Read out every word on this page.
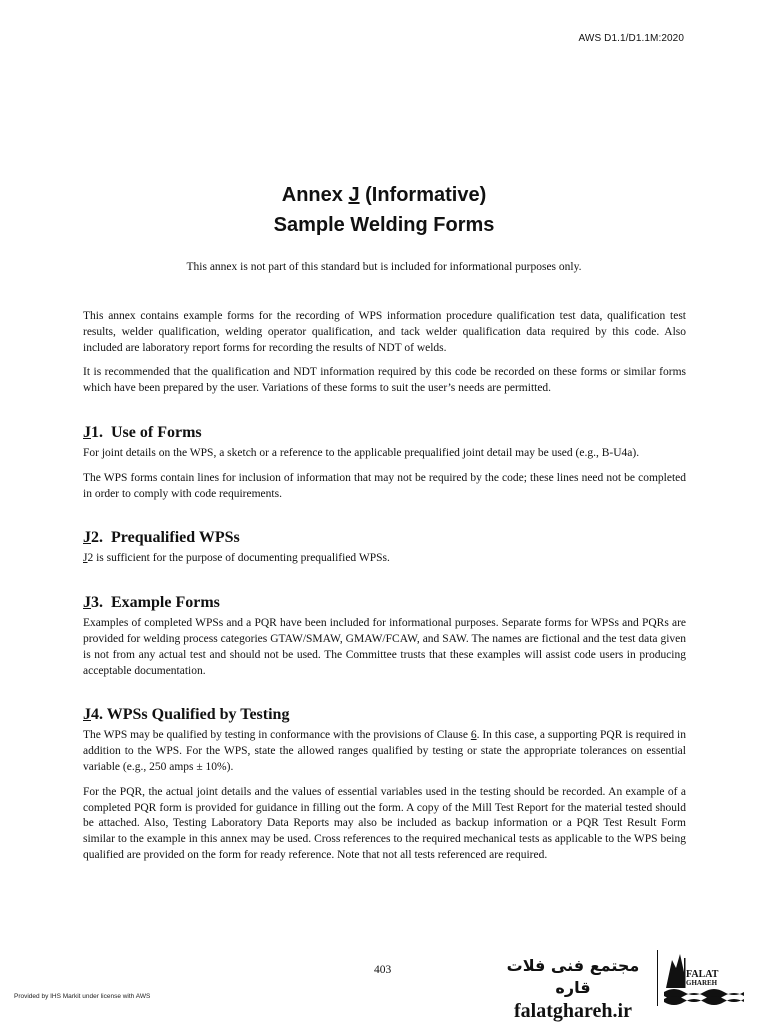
AWS D1.1/D1.1M:2020
Annex J (Informative)
Sample Welding Forms
This annex is not part of this standard but is included for informational purposes only.

This annex contains example forms for the recording of WPS information procedure qualification test data, qualification test results, welder qualification, welding operator qualification, and tack welder qualification data required by this code. Also included are laboratory report forms for recording the results of NDT of welds.

It is recommended that the qualification and NDT information required by this code be recorded on these forms or similar forms which have been prepared by the user. Variations of these forms to suit the user’s needs are permitted.

J1. Use of Forms

For joint details on the WPS, a sketch or a reference to the applicable prequalified joint detail may be used (e.g., B-U4a).

The WPS forms contain lines for inclusion of information that may not be required by the code; these lines need not be completed in order to comply with code requirements.

J2. Prequalified WPSs

J2 is sufficient for the purpose of documenting prequalified WPSs.

J3. Example Forms

Examples of completed WPSs and a PQR have been included for informational purposes. Separate forms for WPSs and PQRs are provided for welding process categories GTAW/SMAW, GMAW/FCAW, and SAW. The names are fictional and the test data given is not from any actual test and should not be used. The Committee trusts that these examples will assist code users in producing acceptable documentation.

J4. WPSs Qualified by Testing

The WPS may be qualified by testing in conformance with the provisions of Clause 6. In this case, a supporting PQR is required in addition to the WPS. For the WPS, state the allowed ranges qualified by testing or state the appropriate tolerances on essential variable (e.g., 250 amps ± 10%).

For the PQR, the actual joint details and the values of essential variables used in the testing should be recorded. An example of a completed PQR form is provided for guidance in filling out the form. A copy of the Mill Test Report for the material tested should be attached. Also, Testing Laboratory Data Reports may also be included as backup information or a PQR Test Result Form similar to the example in this annex may be used. Cross references to the required mechanical tests as applicable to the WPS being qualified are provided on the form for ready reference. Note that not all tests referenced are required.

403
Provided by IHS Markit under license with AWS
مجتمع فنی فلات قاره
falatghareh.ir
FALAT
GHAREH
